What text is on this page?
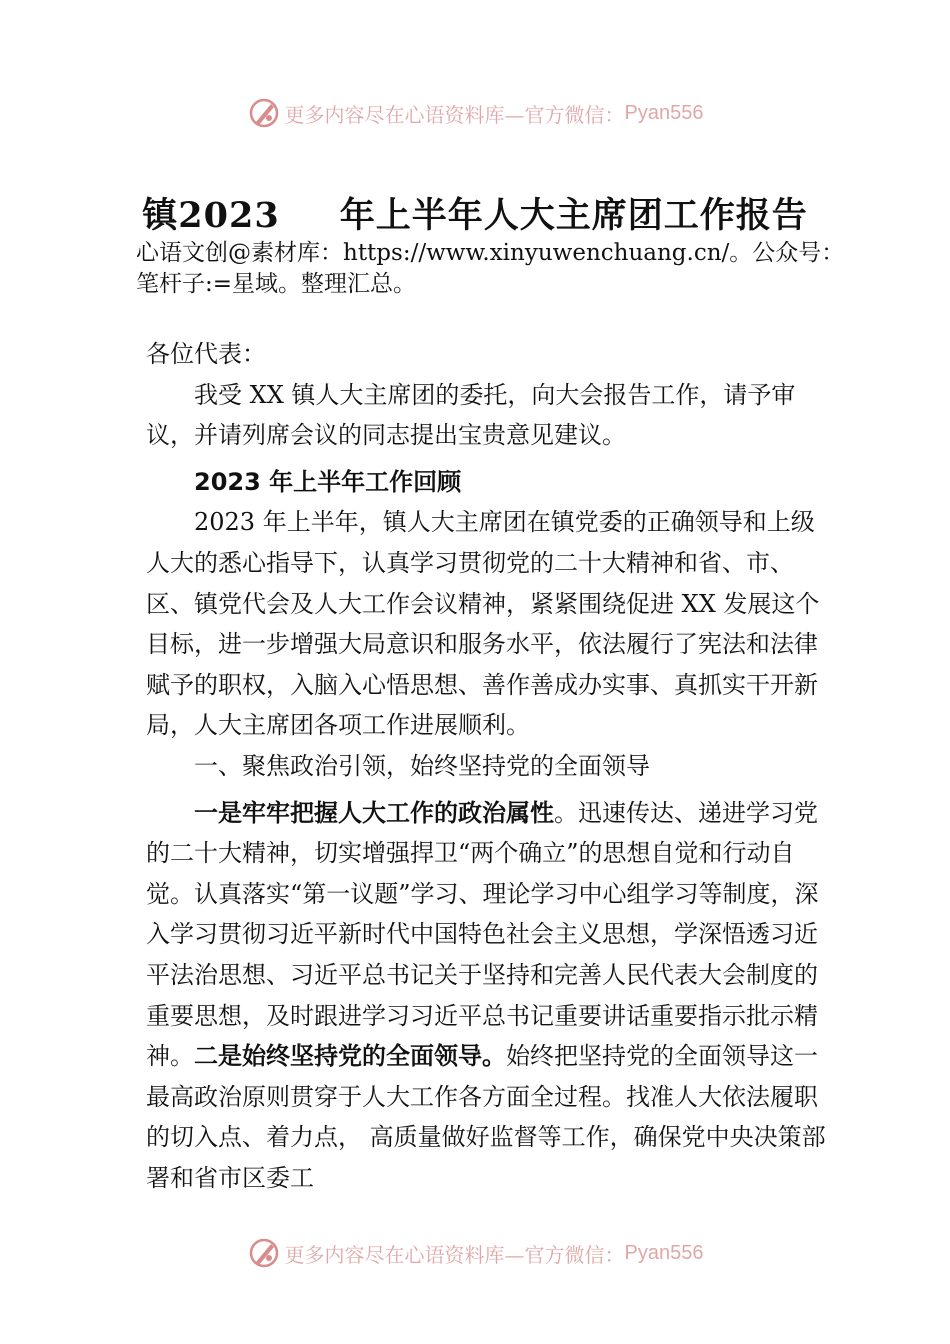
更多内容尽在心语资料库—官方微信： Pyan556
镇2023 年上半年人大主席团工作报告

心语文创@素材库：https://www.xinyuwenchuang.cn/。公众号：笔杆子:=星域。整理汇总。

各位代表：

我受 XX 镇人大主席团的委托，向大会报告工作，请予审议，并请列席会议的同志提出宝贵意见建议。

2023 年上半年工作回顾

2023 年上半年，镇人大主席团在镇党委的正确领导和上级人大的悉心指导下，认真学习贯彻党的二十大精神和省、市、区、镇党代会及人大工作会议精神，紧紧围绕促进 XX 发展这个目标，进一步增强大局意识和服务水平，依法履行了宪法和法律赋予的职权，入脑入心悟思想、善作善成办实事、真抓实干开新局，人大主席团各项工作进展顺利。

一、聚焦政治引领，始终坚持党的全面领导

一是牢牢把握人大工作的政治属性。迅速传达、递进学习党的二十大精神，切实增强捍卫“两个确立”的思想自觉和行动自觉。认真落实“第一议题”学习、理论学习中心组学习等制度，深入学习贯彻习近平新时代中国特色社会主义思想，学深悟透习近平法治思想、习近平总书记关于坚持和完善人民代表大会制度的重要思想，及时跟进学习习近平总书记重要讲话重要指示批示精神。二是始终坚持党的全面领导。始终把坚持党的全面领导这一最高政治原则贯穿于人大工作各方面全过程。找准人大依法履职的切入点、着力点， 高质量做好监督等工作，确保党中央决策部署和省市区委工

更多内容尽在心语资料库—官方微信： Pyan556
